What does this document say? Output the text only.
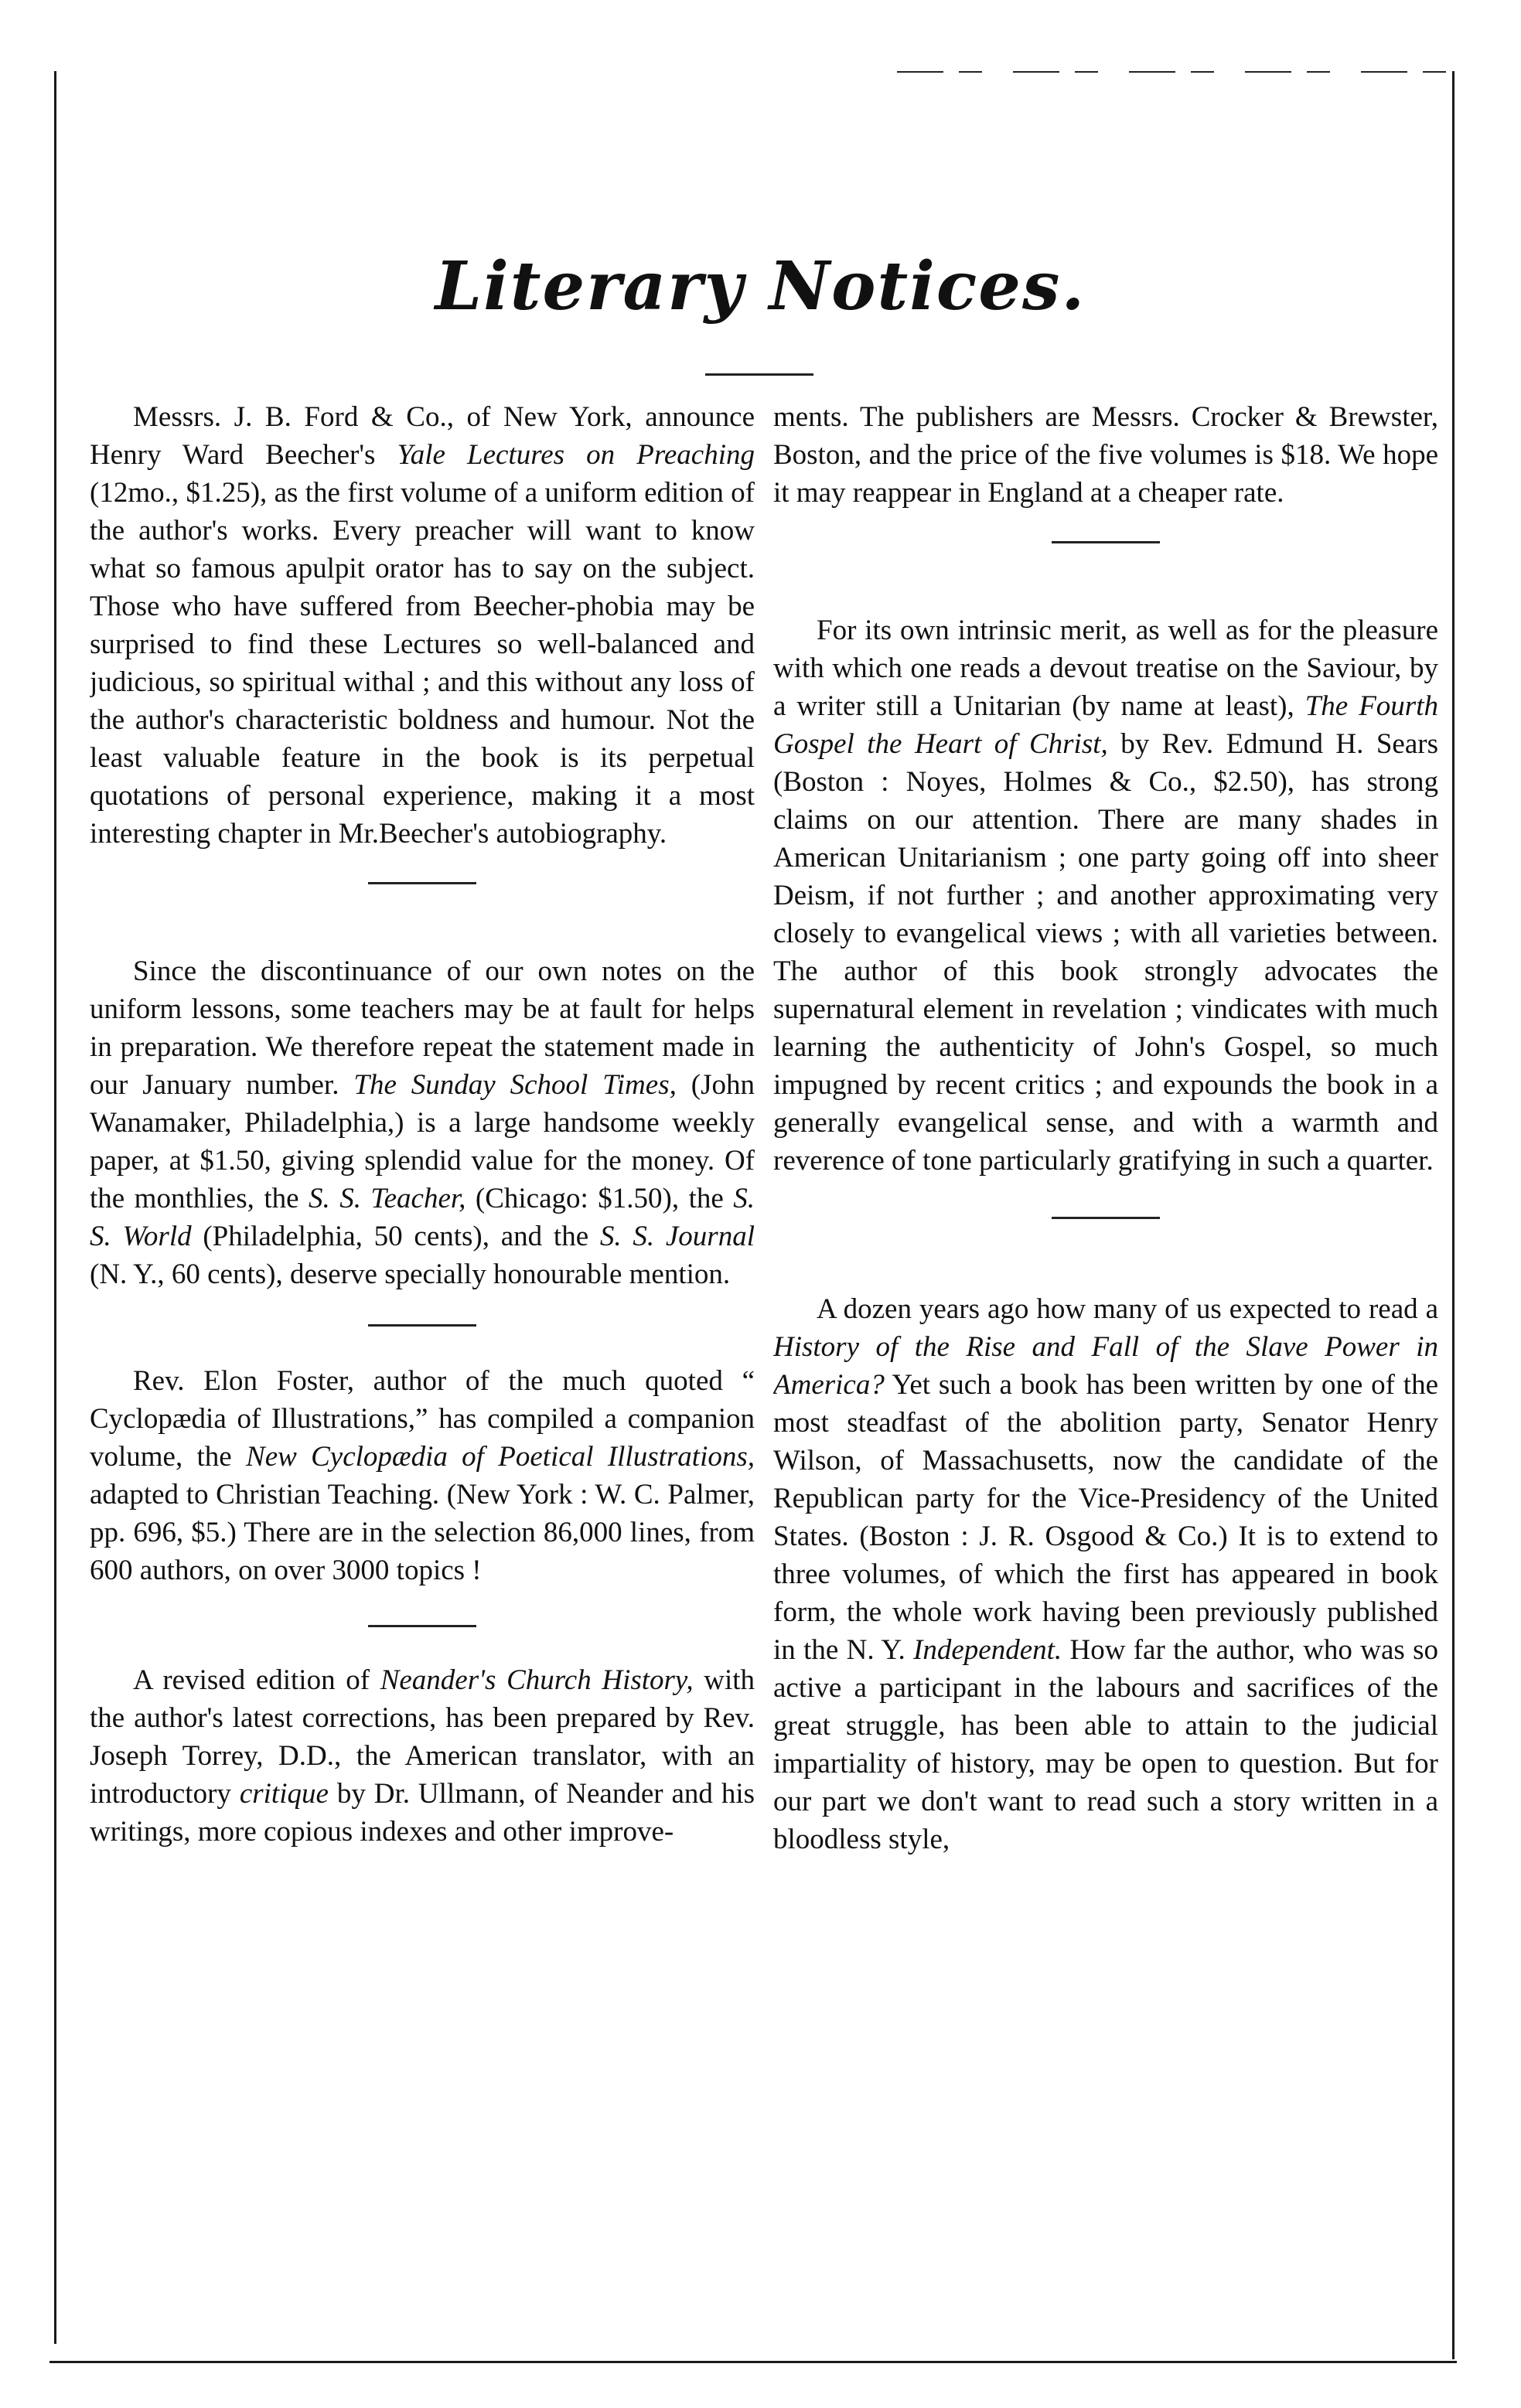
Literary Notices.

Messrs. J. B. Ford & Co., of New York, announce Henry Ward Beecher's Yale Lectures on Preaching (12mo., $1.25), as the first volume of a uniform edition of the author's works. Every preacher will want to know what so famous apulpit orator has to say on the subject. Those who have suffered from Beecher-phobia may be surprised to find these Lectures so well-balanced and judicious, so spiritual withal ; and this without any loss of the author's characteristic boldness and humour. Not the least valuable feature in the book is its perpetual quotations of personal experience, making it a most interesting chapter in Mr.Beecher's autobiography.

Since the discontinuance of our own notes on the uniform lessons, some teachers may be at fault for helps in preparation. We therefore repeat the statement made in our January number. The Sunday School Times, (John Wanamaker, Philadelphia,) is a large handsome weekly paper, at $1.50, giving splendid value for the money. Of the monthlies, the S. S. Teacher, (Chicago: $1.50), the S. S. World (Philadelphia, 50 cents), and the S. S. Journal (N. Y., 60 cents), deserve specially honourable mention.

Rev. Elon Foster, author of the much quoted “ Cyclopædia of Illustrations,” has compiled a companion volume, the New Cyclopædia of Poetical Illustrations, adapted to Christian Teaching. (New York : W. C. Palmer, pp. 696, $5.) There are in the selection 86,000 lines, from 600 authors, on over 3000 topics !

A revised edition of Neander's Church History, with the author's latest corrections, has been prepared by Rev. Joseph Torrey, D.D., the American translator, with an introductory critique by Dr. Ullmann, of Neander and his writings, more copious indexes and other improve-

ments. The publishers are Messrs. Crocker & Brewster, Boston, and the price of the five volumes is $18. We hope it may reappear in England at a cheaper rate.

For its own intrinsic merit, as well as for the pleasure with which one reads a devout treatise on the Saviour, by a writer still a Unitarian (by name at least), The Fourth Gospel the Heart of Christ, by Rev. Edmund H. Sears (Boston : Noyes, Holmes & Co., $2.50), has strong claims on our attention. There are many shades in American Unitarianism ; one party going off into sheer Deism, if not further ; and another approximating very closely to evangelical views ; with all varieties between. The author of this book strongly advocates the supernatural element in revelation ; vindicates with much learning the authenticity of John's Gospel, so much impugned by recent critics ; and expounds the book in a generally evangelical sense, and with a warmth and reverence of tone particularly gratifying in such a quarter.

A dozen years ago how many of us expected to read a History of the Rise and Fall of the Slave Power in America? Yet such a book has been written by one of the most steadfast of the abolition party, Senator Henry Wilson, of Massachusetts, now the candidate of the Republican party for the Vice-Presidency of the United States. (Boston : J. R. Osgood & Co.) It is to extend to three volumes, of which the first has appeared in book form, the whole work having been previously published in the N. Y. Independent. How far the author, who was so active a participant in the labours and sacrifices of the great struggle, has been able to attain to the judicial impartiality of history, may be open to question. But for our part we don't want to read such a story written in a bloodless style,
